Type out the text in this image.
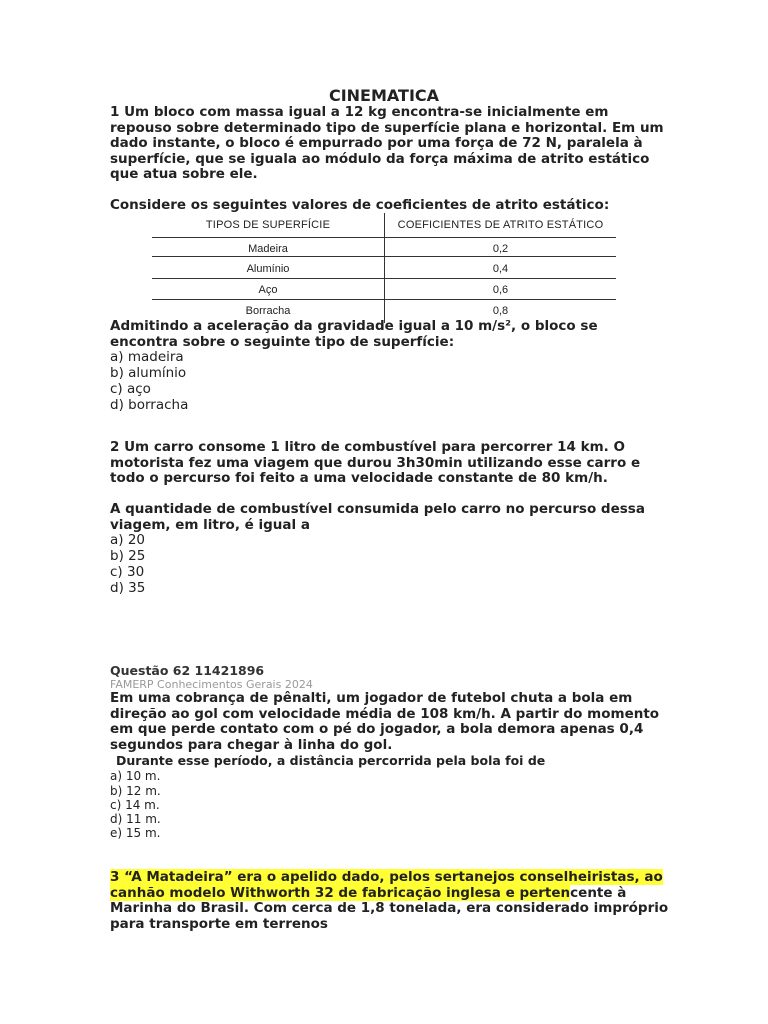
CINEMATICA

1 Um bloco com massa igual a 12 kg encontra-se inicialmente em repouso sobre determinado tipo de superfície plana e horizontal. Em um dado instante, o bloco é empurrado por uma força de 72 N, paralela à superfície, que se iguala ao módulo da força máxima de atrito estático que atua sobre ele.

Considere os seguintes valores de coeficientes de atrito estático:

TIPOS DE SUPERFÍCIE	COEFICIENTES DE ATRITO ESTÁTICO
Madeira	0,2
Alumínio	0,4
Aço	0,6
Borracha	0,8

Admitindo a aceleração da gravidade igual a 10 m/s², o bloco se encontra sobre o seguinte tipo de superfície:

a) madeira

b) alumínio

c) aço

d) borracha

2 Um carro consome 1 litro de combustível para percorrer 14 km. O motorista fez uma viagem que durou 3h30min utilizando esse carro e todo o percurso foi feito a uma velocidade constante de 80 km/h.

A quantidade de combustível consumida pelo carro no percurso dessa viagem, em litro, é igual a

a) 20

b) 25

c) 30

d) 35

Questão 62 11421896
FAMERP Conhecimentos Gerais 2024

Em uma cobrança de pênalti, um jogador de futebol chuta a bola em direção ao gol com velocidade média de 108 km/h. A partir do momento em que perde contato com o pé do jogador, a bola demora apenas 0,4 segundos para chegar à linha do gol.

Durante esse período, a distância percorrida pela bola foi de

a) 10 m.

b) 12 m.

c) 14 m.

d) 11 m.

e) 15 m.

3 “A Matadeira” era o apelido dado, pelos sertanejos conselheiristas, ao canhão modelo Withworth 32 de fabricação inglesa e pertencente à Marinha do Brasil. Com cerca de 1,8 tonelada, era considerado impróprio para transporte em terrenos
